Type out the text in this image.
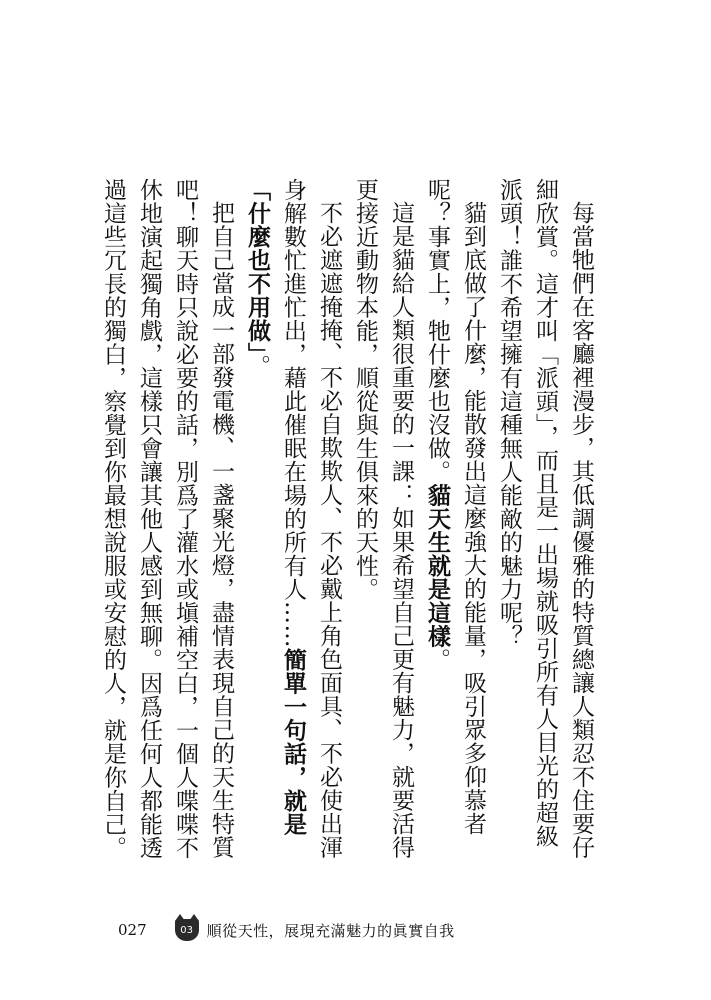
每當牠們在客廳裡漫步，其低調優雅的特質總讓人類忍不住要仔細欣賞。這才叫「派頭」，而且是一出場就吸引所有人目光的超級派頭！誰不希望擁有這種無人能敵的魅力呢？

貓到底做了什麼，能散發出這麼強大的能量，吸引眾多仰慕者呢？事實上，牠什麼也沒做。貓天生就是這樣。

這是貓給人類很重要的一課：如果希望自己更有魅力，就要活得更接近動物本能，順從與生俱來的天性。

不必遮遮掩掩、不必自欺欺人、不必戴上角色面具、不必使出渾身解數忙進忙出，藉此催眠在場的所有人……簡單一句話，就是「什麼也不用做」。

把自己當成一部發電機、一盞聚光燈，盡情表現自己的天生特質吧！聊天時只說必要的話，別爲了灌水或塡補空白，一個人喋喋不休地演起獨角戲，這樣只會讓其他人感到無聊。因爲任何人都能透過這些冗長的獨白，察覺到你最想說服或安慰的人，就是你自己。

027	03 順從天性，展現充滿魅力的眞實自我
